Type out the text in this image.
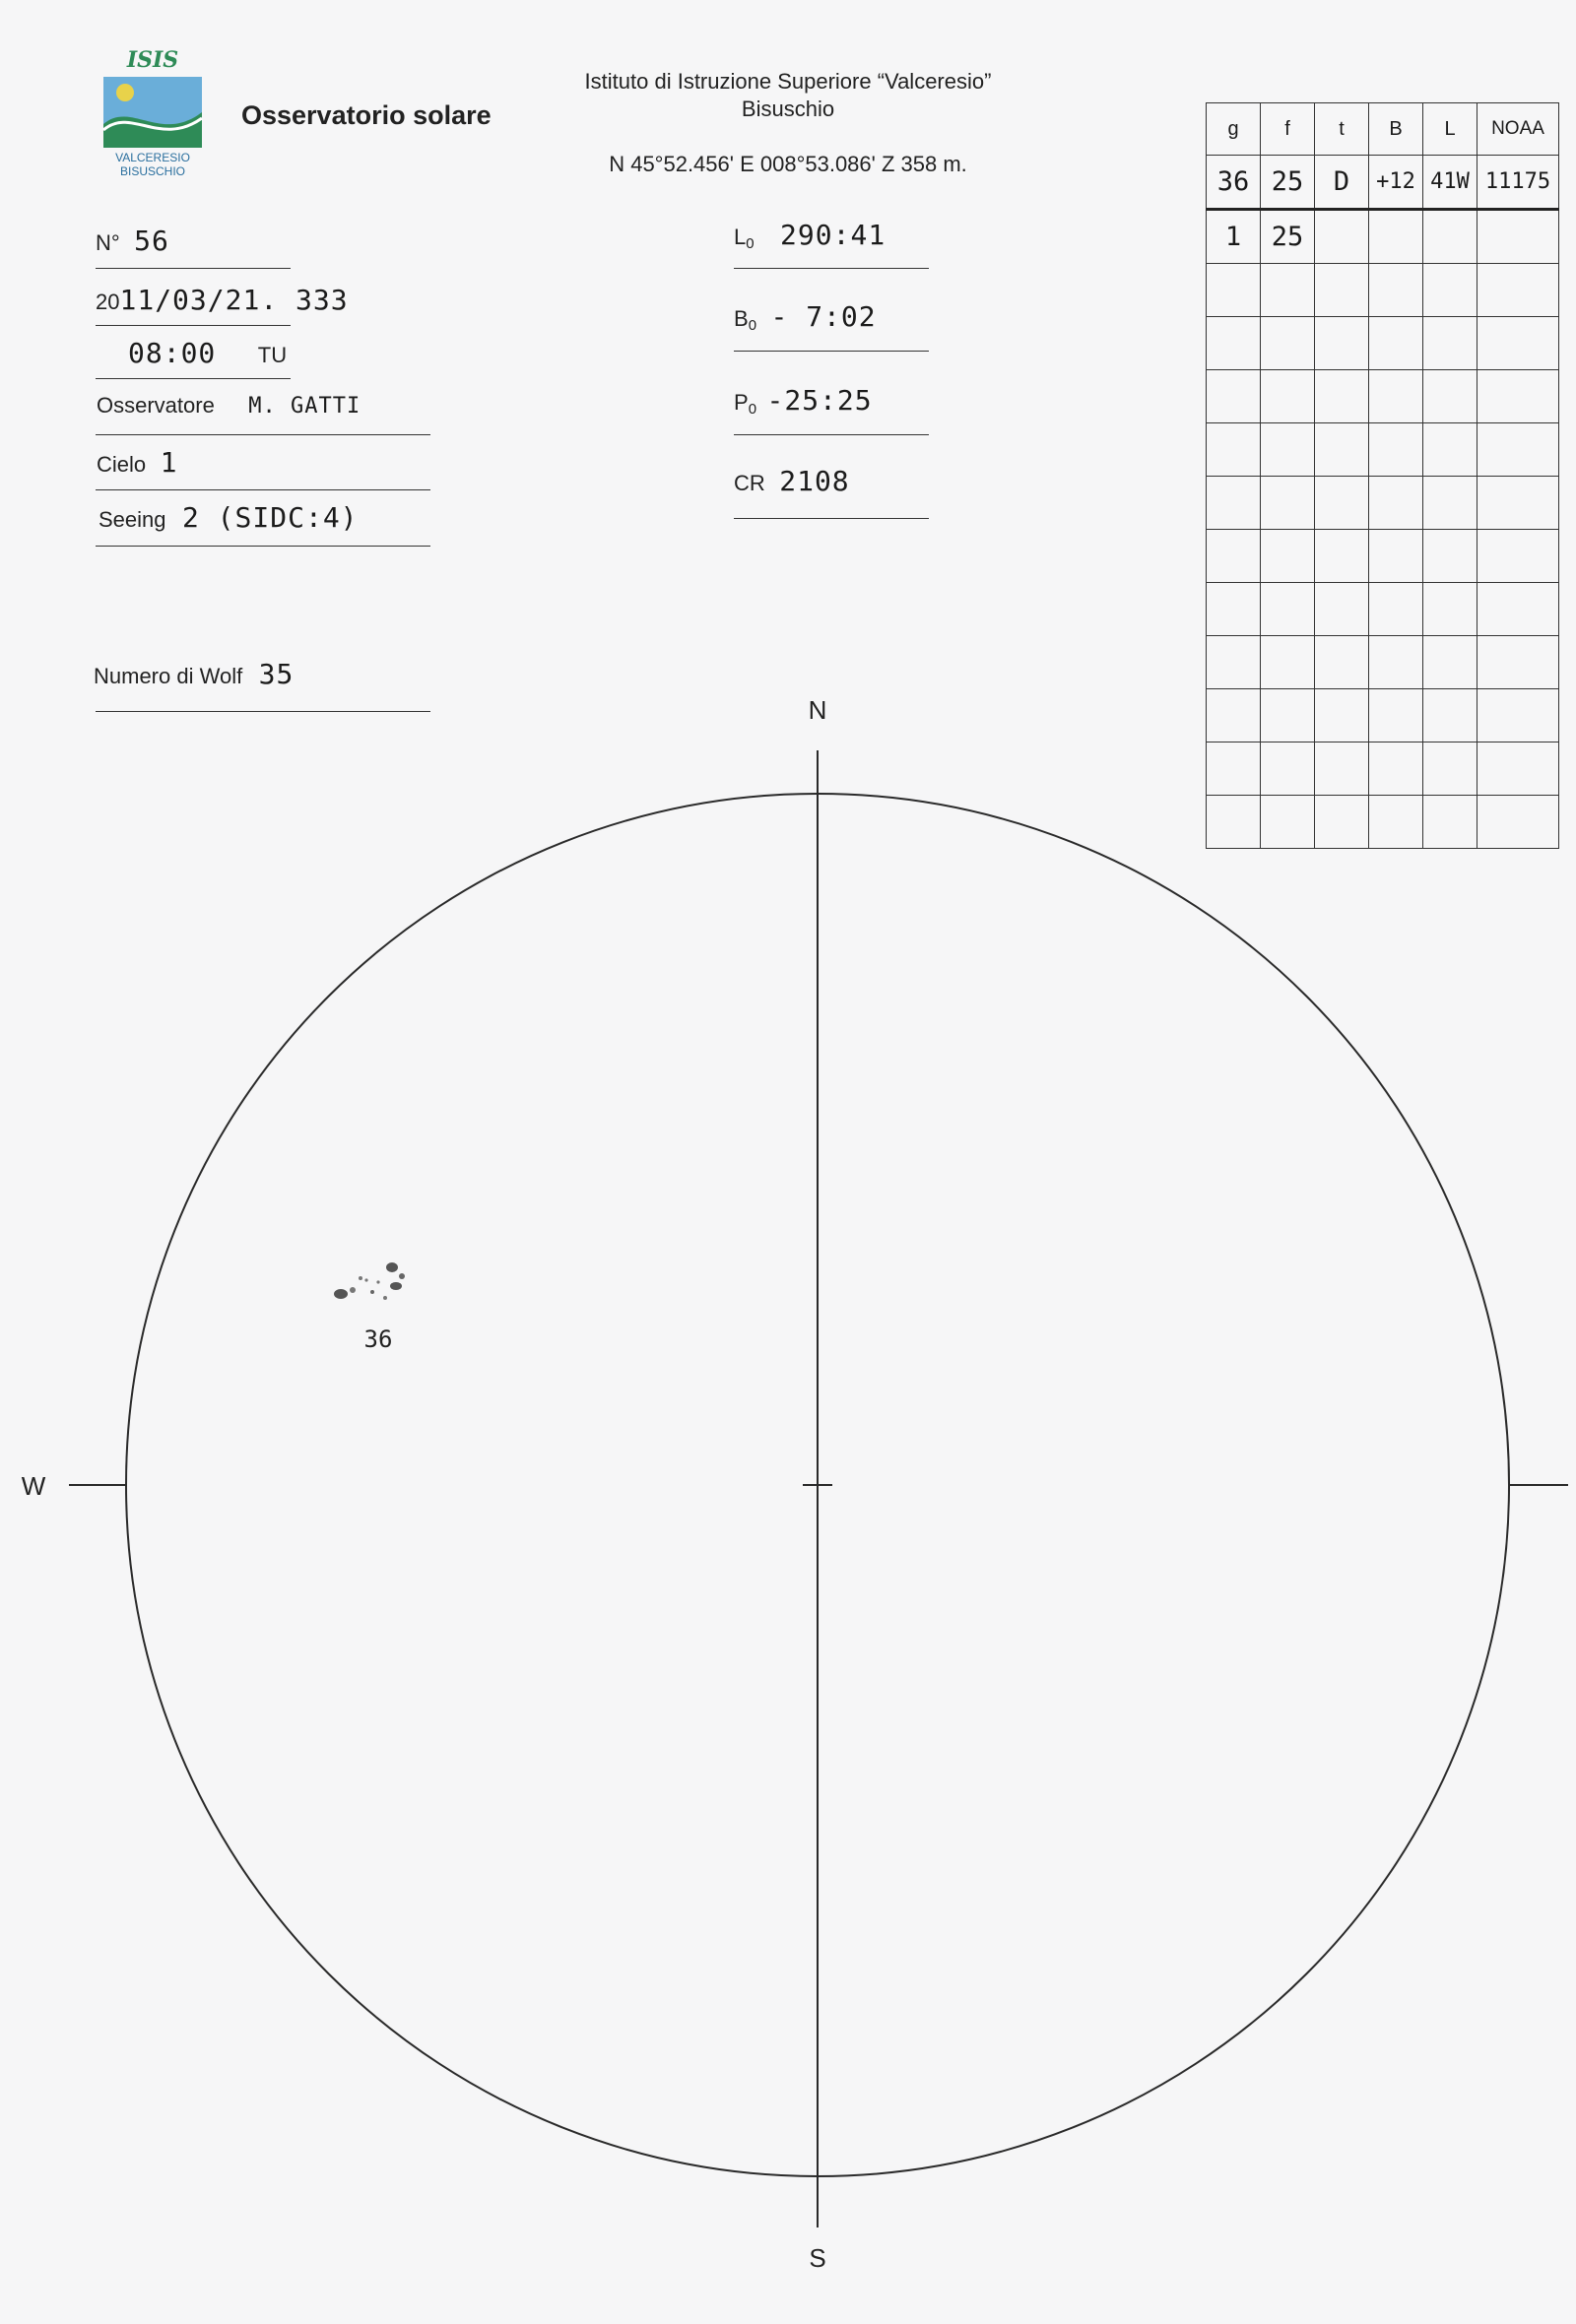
ISIS
VALCERESIO
BISUSCHIO
Osservatorio solare
Istituto di Istruzione Superiore “Valceresio”
Bisuschio
N 45°52.456' E 008°53.086' Z 358 m.
N° 56
2011/03/21. 333
08:00 TU
Osservatore M. GATTI
Cielo 1
Seeing 2 (SIDC:4)
Numero di Wolf 35
$L_0$ 290:41
$B_0$ - 7:02
$P_0$ -25:25
CR 2108
g	f	t	B	L	NOAA
36	25	D	+12	41W	11175
1	25				

N
S
W
36
